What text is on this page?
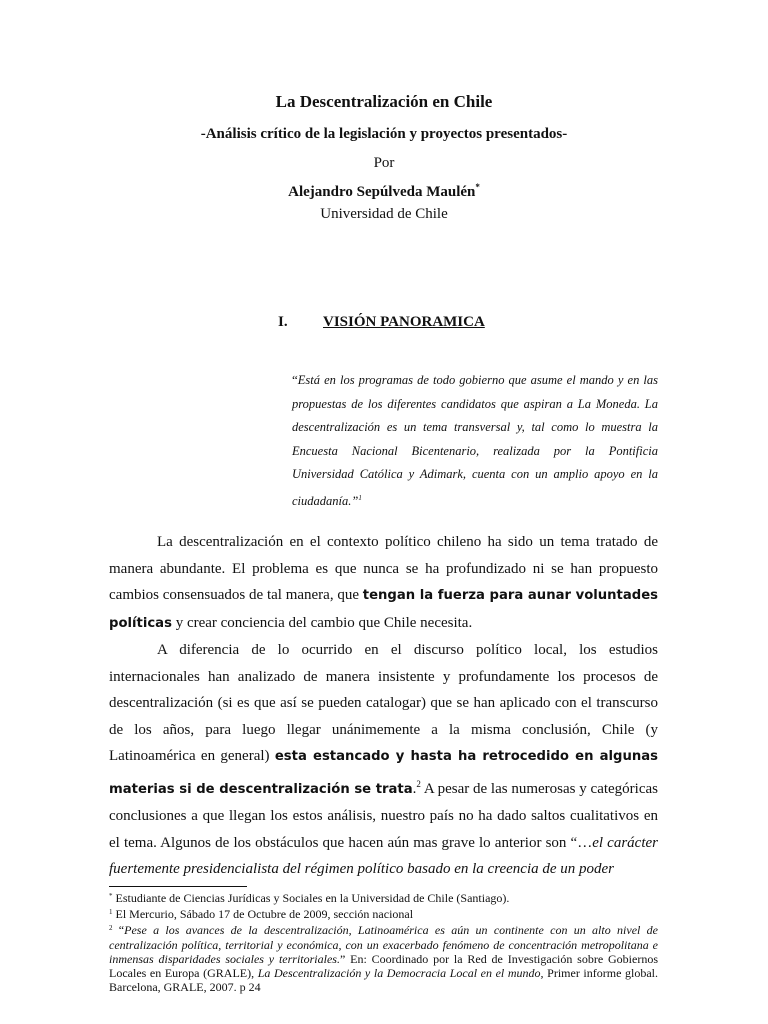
La Descentralización en Chile
-Análisis crítico de la legislación y proyectos presentados-
Por
Alejandro Sepúlveda Maulén*
Universidad de Chile
I. VISIÓN PANORAMICA
“Está en los programas de todo gobierno que asume el mando y en las propuestas de los diferentes candidatos que aspiran a La Moneda. La descentralización es un tema transversal y, tal como lo muestra la Encuesta Nacional Bicentenario, realizada por la Pontificia Universidad Católica y Adimark, cuenta con un amplio apoyo en la ciudadanía.”$^1$

La descentralización en el contexto político chileno ha sido un tema tratado de manera abundante. El problema es que nunca se ha profundizado ni se han propuesto cambios consensuados de tal manera, que tengan la fuerza para aunar voluntades políticas y crear conciencia del cambio que Chile necesita.

A diferencia de lo ocurrido en el discurso político local, los estudios internacionales han analizado de manera insistente y profundamente los procesos de descentralización (si es que así se pueden catalogar) que se han aplicado con el transcurso de los años, para luego llegar unánimemente a la misma conclusión, Chile (y Latinoamérica en general) esta estancado y hasta ha retrocedido en algunas materias si de descentralización se trata.$^2$ A pesar de las numerosas y categóricas conclusiones a que llegan los estos análisis, nuestro país no ha dado saltos cualitativos en el tema. Algunos de los obstáculos que hacen aún mas grave lo anterior son “…el carácter fuertemente presidencialista del régimen político basado en la creencia de un poder

* Estudiante de Ciencias Jurídicas y Sociales en la Universidad de Chile (Santiago).

$^1$ El Mercurio, Sábado 17 de Octubre de 2009, sección nacional

$^2$ “Pese a los avances de la descentralización, Latinoamérica es aún un continente con un alto nivel de centralización política, territorial y económica, con un exacerbado fenómeno de concentración metropolitana e inmensas disparidades sociales y territoriales.” En: Coordinado por la Red de Investigación sobre Gobiernos Locales en Europa (GRALE), La Descentralización y la Democracia Local en el mundo, Primer informe global. Barcelona, GRALE, 2007. p 24
